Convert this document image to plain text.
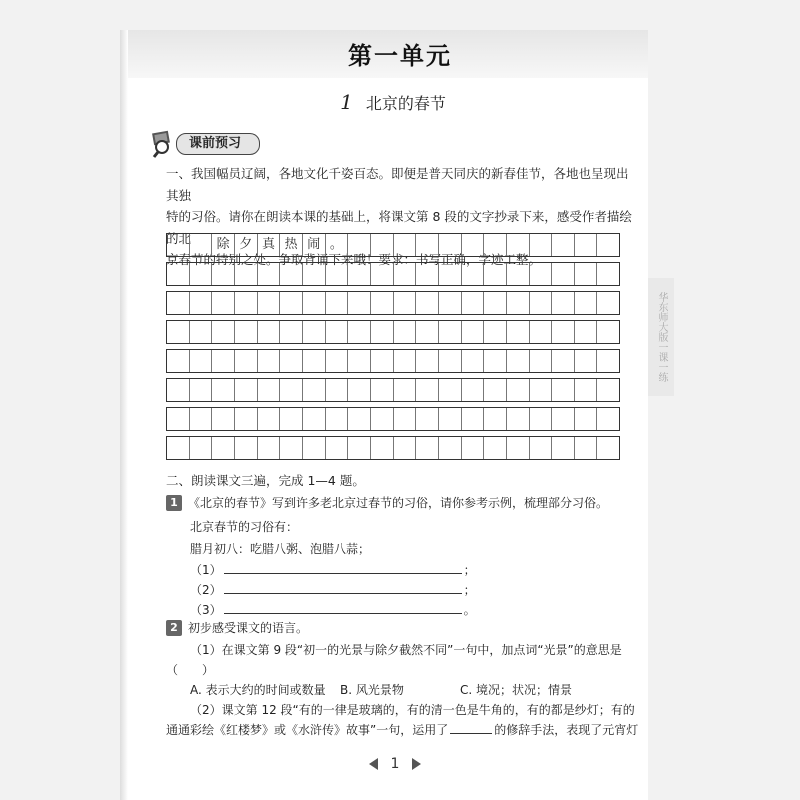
第一单元
1 北京的春节
华东师大版一课一练
课前预习
一、我国幅员辽阔，各地文化千姿百态。即便是普天同庆的新春佳节，各地也呈现出其独
特的习俗。请你在朗读本课的基础上，将课文第 8 段的文字抄录下来，感受作者描绘的北
京春节的特别之处。争取背诵下来哦！要求：书写正确，字迹工整。
除 夕 真 热 闹 。
二、朗读课文三遍，完成 1—4 题。
1 《北京的春节》写到许多老北京过春节的习俗，请你参考示例，梳理部分习俗。
北京春节的习俗有：
腊月初八：吃腊八粥、泡腊八蒜；
（1）	；
（2）	；
（3）	。
2 初步感受课文的语言。
（1）在课文第 9 段“初一的光景与除夕截然不同”一句中，加点词“光景”的意思是
（　　）
A. 表示大约的时间或数量 B. 风光景物	C. 境况；状况；情景
（2）课文第 12 段“有的一律是玻璃的，有的清一色是牛角的，有的都是纱灯；有的
通通彩绘《红楼梦》或《水浒传》故事”一句，运用了	的修辞手法，表现了元宵灯
1
